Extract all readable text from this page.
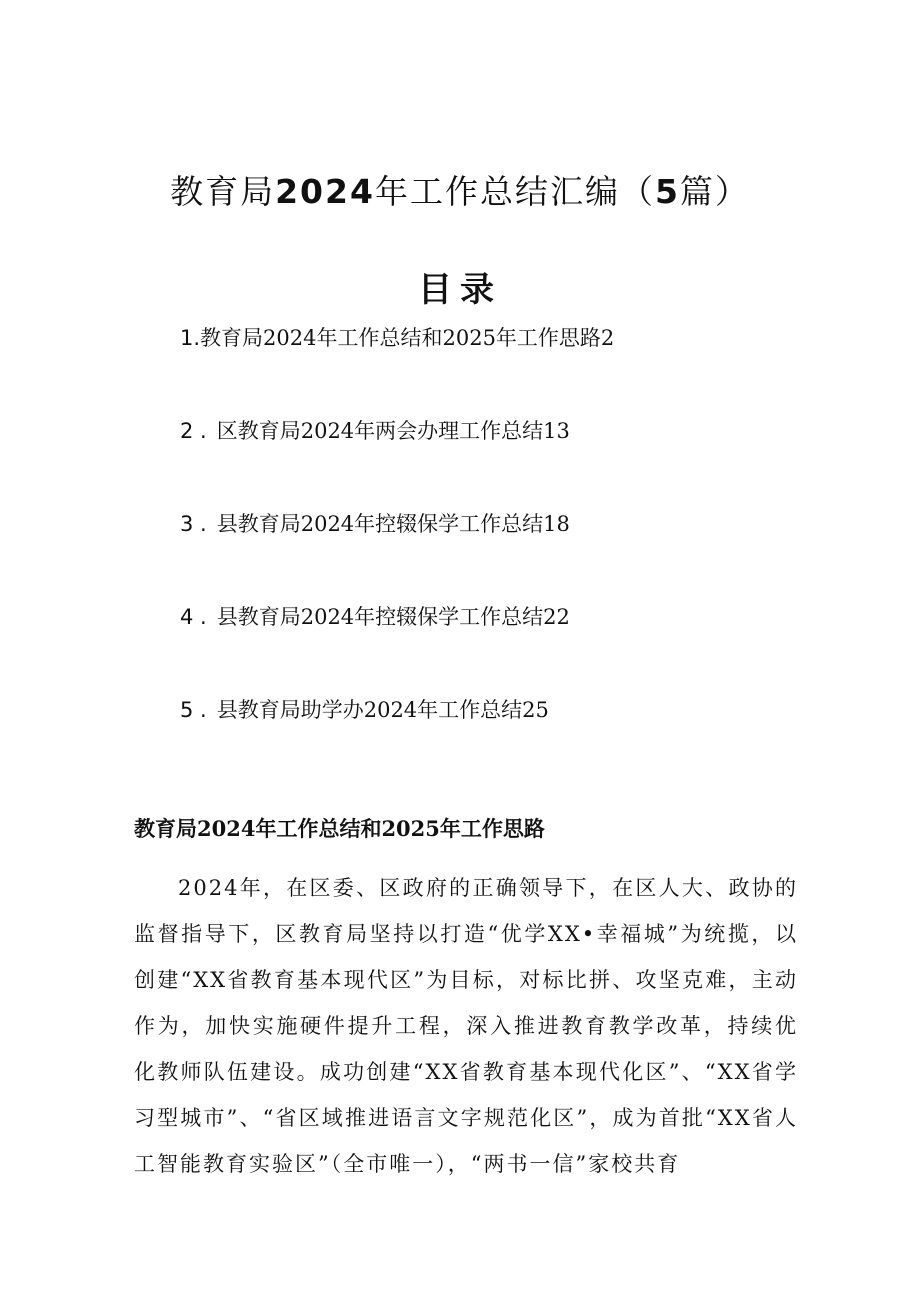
教育局2024年工作总结汇编（5篇）
目录
1.教育局2024年工作总结和2025年工作思路2
2 . 区教育局2024年两会办理工作总结13
3 . 县教育局2024年控辍保学工作总结18
4 . 县教育局2024年控辍保学工作总结22
5 . 县教育局助学办2024年工作总结25
教育局2024年工作总结和2025年工作思路

2024年，在区委、区政府的正确领导下，在区人大、政协的监督指导下，区教育局坚持以打造“优学XX•幸福城”为统揽，以创建“XX省教育基本现代区”为目标，对标比拼、攻坚克难，主动作为，加快实施硬件提升工程，深入推进教育教学改革，持续优化教师队伍建设。成功创建“XX省教育基本现代化区”、“XX省学习型城市”、“省区域推进语言文字规范化区”，成为首批“XX省人工智能教育实验区”（全市唯一），“两书一信”家校共育
